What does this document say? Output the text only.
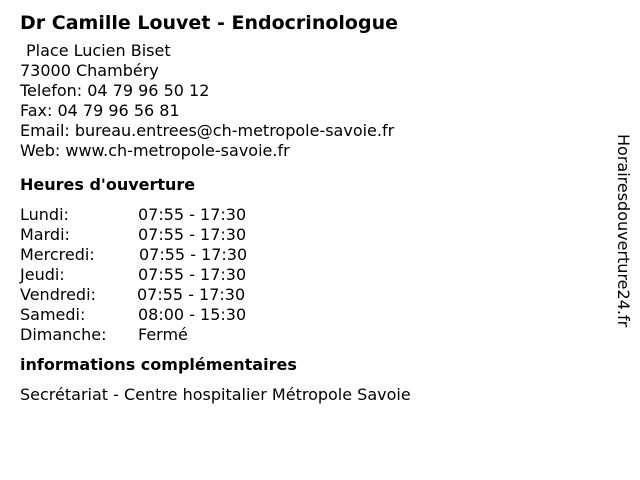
Dr Camille Louvet - Endocrinologue
Place Lucien Biset
73000 Chambéry
Telefon: 04 79 96 50 12
Fax: 04 79 96 56 81
Email: bureau.entrees@ch-metropole-savoie.fr
Web: www.ch-metropole-savoie.fr
Heures d'ouverture
Lundi:	07:55 - 17:30
Mardi:	07:55 - 17:30
Mercredi:	07:55 - 17:30
Jeudi:	07:55 - 17:30
Vendredi:	07:55 - 17:30
Samedi:	08:00 - 15:30
Dimanche:	Fermé
informations complémentaires
Secrétariat - Centre hospitalier Métropole Savoie
Horairesdouverture24.fr
